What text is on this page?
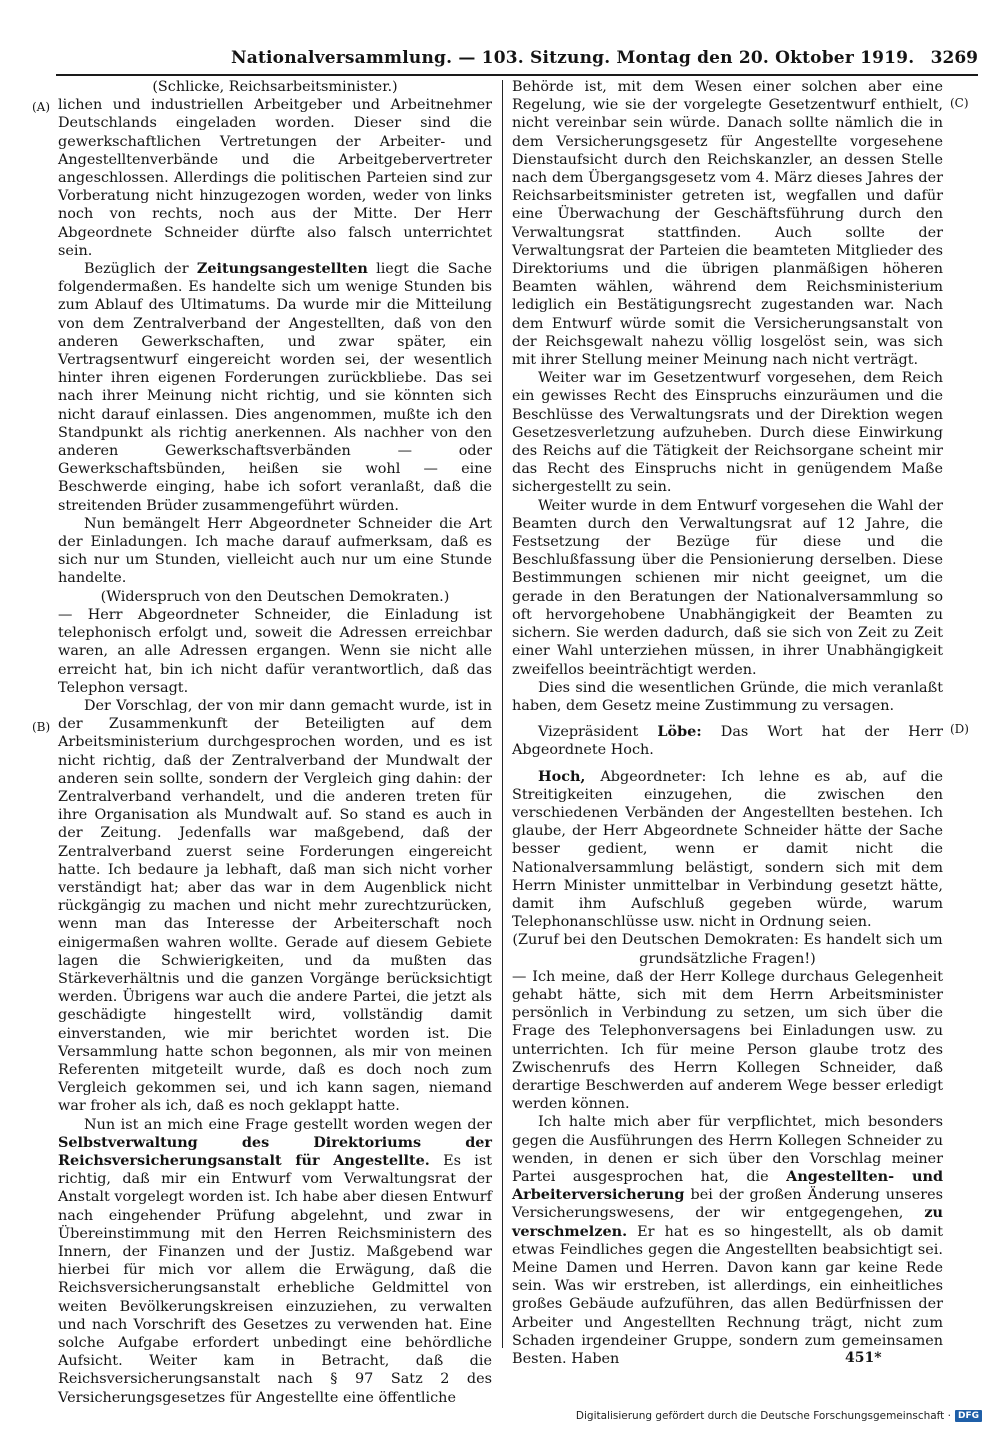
Nationalversammlung. — 103. Sitzung. Montag den 20. Oktober 1919. 3269
(A)
(B)
(C)
(D)

(Schlicke, Reichsarbeitsminister.)

lichen und industriellen Arbeitgeber und Arbeitnehmer Deutschlands eingeladen worden. Dieser sind die gewerkschaftlichen Vertretungen der Arbeiter- und Angestelltenverbände und die Arbeitgebervertreter angeschlossen. Allerdings die politischen Parteien sind zur Vorberatung nicht hinzugezogen worden, weder von links noch von rechts, noch aus der Mitte. Der Herr Abgeordnete Schneider dürfte also falsch unterrichtet sein.

Bezüglich der Zeitungsangestellten liegt die Sache folgendermaßen. Es handelte sich um wenige Stunden bis zum Ablauf des Ultimatums. Da wurde mir die Mitteilung von dem Zentralverband der Angestellten, daß von den anderen Gewerkschaften, und zwar später, ein Vertragsentwurf eingereicht worden sei, der wesentlich hinter ihren eigenen Forderungen zurückbliebe. Das sei nach ihrer Meinung nicht richtig, und sie könnten sich nicht darauf einlassen. Dies angenommen, mußte ich den Standpunkt als richtig anerkennen. Als nachher von den anderen Gewerkschaftsverbänden — oder Gewerkschaftsbünden, heißen sie wohl — eine Beschwerde einging, habe ich sofort veranlaßt, daß die streitenden Brüder zusammengeführt würden.

Nun bemängelt Herr Abgeordneter Schneider die Art der Einladungen. Ich mache darauf aufmerksam, daß es sich nur um Stunden, vielleicht auch nur um eine Stunde handelte.

(Widerspruch von den Deutschen Demokraten.)

— Herr Abgeordneter Schneider, die Einladung ist telephonisch erfolgt und, soweit die Adressen erreichbar waren, an alle Adressen ergangen. Wenn sie nicht alle erreicht hat, bin ich nicht dafür verantwortlich, daß das Telephon versagt.

Der Vorschlag, der von mir dann gemacht wurde, ist in der Zusammenkunft der Beteiligten auf dem Arbeitsministerium durchgesprochen worden, und es ist nicht richtig, daß der Zentralverband der Mundwalt der anderen sein sollte, sondern der Vergleich ging dahin: der Zentralverband verhandelt, und die anderen treten für ihre Organisation als Mundwalt auf. So stand es auch in der Zeitung. Jedenfalls war maßgebend, daß der Zentralverband zuerst seine Forderungen eingereicht hatte. Ich bedaure ja lebhaft, daß man sich nicht vorher verständigt hat; aber das war in dem Augenblick nicht rückgängig zu machen und nicht mehr zurechtzurücken, wenn man das Interesse der Arbeiterschaft noch einigermaßen wahren wollte. Gerade auf diesem Gebiete lagen die Schwierigkeiten, und da mußten das Stärkeverhältnis und die ganzen Vorgänge berücksichtigt werden. Übrigens war auch die andere Partei, die jetzt als geschädigte hingestellt wird, vollständig damit einverstanden, wie mir berichtet worden ist. Die Versammlung hatte schon begonnen, als mir von meinen Referenten mitgeteilt wurde, daß es doch noch zum Vergleich gekommen sei, und ich kann sagen, niemand war froher als ich, daß es noch geklappt hatte.

Nun ist an mich eine Frage gestellt worden wegen der Selbstverwaltung des Direktoriums der Reichsversicherungsanstalt für Angestellte. Es ist richtig, daß mir ein Entwurf vom Verwaltungsrat der Anstalt vorgelegt worden ist. Ich habe aber diesen Entwurf nach eingehender Prüfung abgelehnt, und zwar in Übereinstimmung mit den Herren Reichsministern des Innern, der Finanzen und der Justiz. Maßgebend war hierbei für mich vor allem die Erwägung, daß die Reichsversicherungsanstalt erhebliche Geldmittel von weiten Bevölkerungskreisen einzuziehen, zu verwalten und nach Vorschrift des Gesetzes zu verwenden hat. Eine solche Aufgabe erfordert unbedingt eine behördliche Aufsicht. Weiter kam in Betracht, daß die Reichsversicherungsanstalt nach § 97 Satz 2 des Versicherungsgesetzes für Angestellte eine öffentliche

Behörde ist, mit dem Wesen einer solchen aber eine Regelung, wie sie der vorgelegte Gesetzentwurf enthielt, nicht vereinbar sein würde. Danach sollte nämlich die in dem Versicherungsgesetz für Angestellte vorgesehene Dienstaufsicht durch den Reichskanzler, an dessen Stelle nach dem Übergangsgesetz vom 4. März dieses Jahres der Reichsarbeitsminister getreten ist, wegfallen und dafür eine Überwachung der Geschäftsführung durch den Verwaltungsrat stattfinden. Auch sollte der Verwaltungsrat der Parteien die beamteten Mitglieder des Direktoriums und die übrigen planmäßigen höheren Beamten wählen, während dem Reichsministerium lediglich ein Bestätigungsrecht zugestanden war. Nach dem Entwurf würde somit die Versicherungsanstalt von der Reichsgewalt nahezu völlig losgelöst sein, was sich mit ihrer Stellung meiner Meinung nach nicht verträgt.

Weiter war im Gesetzentwurf vorgesehen, dem Reich ein gewisses Recht des Einspruchs einzuräumen und die Beschlüsse des Verwaltungsrats und der Direktion wegen Gesetzesverletzung aufzuheben. Durch diese Einwirkung des Reichs auf die Tätigkeit der Reichsorgane scheint mir das Recht des Einspruchs nicht in genügendem Maße sichergestellt zu sein.

Weiter wurde in dem Entwurf vorgesehen die Wahl der Beamten durch den Verwaltungsrat auf 12 Jahre, die Festsetzung der Bezüge für diese und die Beschlußfassung über die Pensionierung derselben. Diese Bestimmungen schienen mir nicht geeignet, um die gerade in den Beratungen der Nationalversammlung so oft hervorgehobene Unabhängigkeit der Beamten zu sichern. Sie werden dadurch, daß sie sich von Zeit zu Zeit einer Wahl unterziehen müssen, in ihrer Unabhängigkeit zweifellos beeinträchtigt werden.

Dies sind die wesentlichen Gründe, die mich veranlaßt haben, dem Gesetz meine Zustimmung zu versagen.

Vizepräsident Löbe: Das Wort hat der Herr Abgeordnete Hoch.

Hoch, Abgeordneter: Ich lehne es ab, auf die Streitigkeiten einzugehen, die zwischen den verschiedenen Verbänden der Angestellten bestehen. Ich glaube, der Herr Abgeordnete Schneider hätte der Sache besser gedient, wenn er damit nicht die Nationalversammlung belästigt, sondern sich mit dem Herrn Minister unmittelbar in Verbindung gesetzt hätte, damit ihm Aufschluß gegeben würde, warum Telephonanschlüsse usw. nicht in Ordnung seien.

(Zuruf bei den Deutschen Demokraten: Es handelt sich um grundsätzliche Fragen!)

— Ich meine, daß der Herr Kollege durchaus Gelegenheit gehabt hätte, sich mit dem Herrn Arbeitsminister persönlich in Verbindung zu setzen, um sich über die Frage des Telephonversagens bei Einladungen usw. zu unterrichten. Ich für meine Person glaube trotz des Zwischenrufs des Herrn Kollegen Schneider, daß derartige Beschwerden auf anderem Wege besser erledigt werden können.

Ich halte mich aber für verpflichtet, mich besonders gegen die Ausführungen des Herrn Kollegen Schneider zu wenden, in denen er sich über den Vorschlag meiner Partei ausgesprochen hat, die Angestellten- und Arbeiterversicherung bei der großen Änderung unseres Versicherungswesens, der wir entgegengehen, zu verschmelzen. Er hat es so hingestellt, als ob damit etwas Feindliches gegen die Angestellten beabsichtigt sei. Meine Damen und Herren. Davon kann gar keine Rede sein. Was wir erstreben, ist allerdings, ein einheitliches großes Gebäude aufzuführen, das allen Bedürfnissen der Arbeiter und Angestellten Rechnung trägt, nicht zum Schaden irgendeiner Gruppe, sondern zum gemeinsamen Besten. Haben	451*
Digitalisierung gefördert durch die Deutsche Forschungsgemeinschaft · DFG
